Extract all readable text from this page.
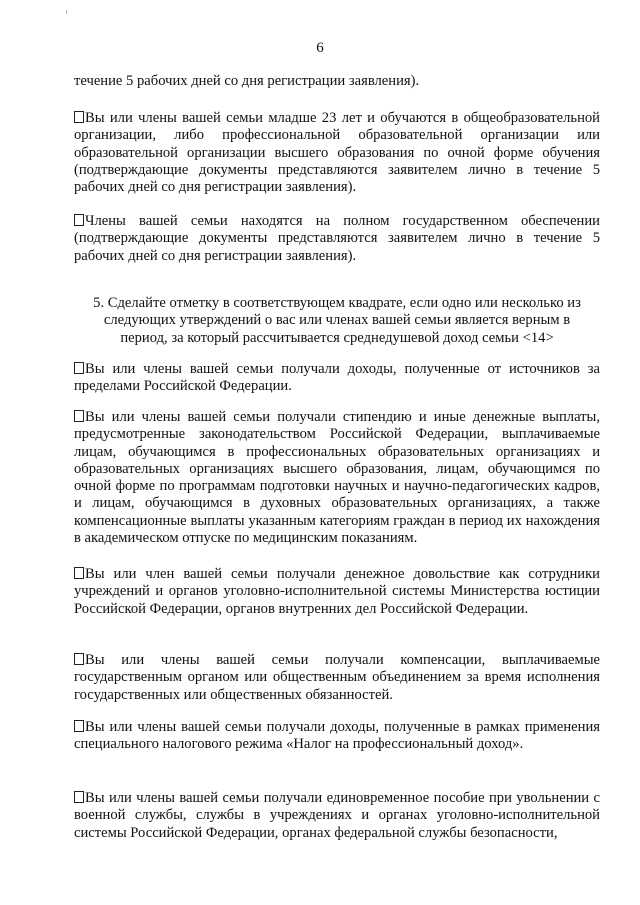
6

течение 5 рабочих дней со дня регистрации заявления).

Вы или члены вашей семьи младше 23 лет и обучаются в общеобразовательной организации, либо профессиональной образовательной организации или образовательной организации высшего образования по очной форме обучения (подтверждающие документы представляются заявителем лично в течение 5 рабочих дней со дня регистрации заявления).

Члены вашей семьи находятся на полном государственном обеспечении (подтверждающие документы представляются заявителем лично в течение 5 рабочих дней со дня регистрации заявления).

5. Сделайте отметку в соответствующем квадрате, если одно или несколько из следующих утверждений о вас или членах вашей семьи является верным в период, за который рассчитывается среднедушевой доход семьи <14>

Вы или члены вашей семьи получали доходы, полученные от источников за пределами Российской Федерации.

Вы или члены вашей семьи получали стипендию и иные денежные выплаты, предусмотренные законодательством Российской Федерации, выплачиваемые лицам, обучающимся в профессиональных образовательных организациях и образовательных организациях высшего образования, лицам, обучающимся по очной форме по программам подготовки научных и научно-педагогических кадров, и лицам, обучающимся в духовных образовательных организациях, а также компенсационные выплаты указанным категориям граждан в период их нахождения в академическом отпуске по медицинским показаниям.

Вы или член вашей семьи получали денежное довольствие как сотрудники учреждений и органов уголовно-исполнительной системы Министерства юстиции Российской Федерации, органов внутренних дел Российской Федерации.

Вы или члены вашей семьи получали компенсации, выплачиваемые государственным органом или общественным объединением за время исполнения государственных или общественных обязанностей.

Вы или члены вашей семьи получали доходы, полученные в рамках применения специального налогового режима «Налог на профессиональный доход».

Вы или члены вашей семьи получали единовременное пособие при увольнении с военной службы, службы в учреждениях и органах уголовно-исполнительной системы Российской Федерации, органах федеральной службы безопасности,
